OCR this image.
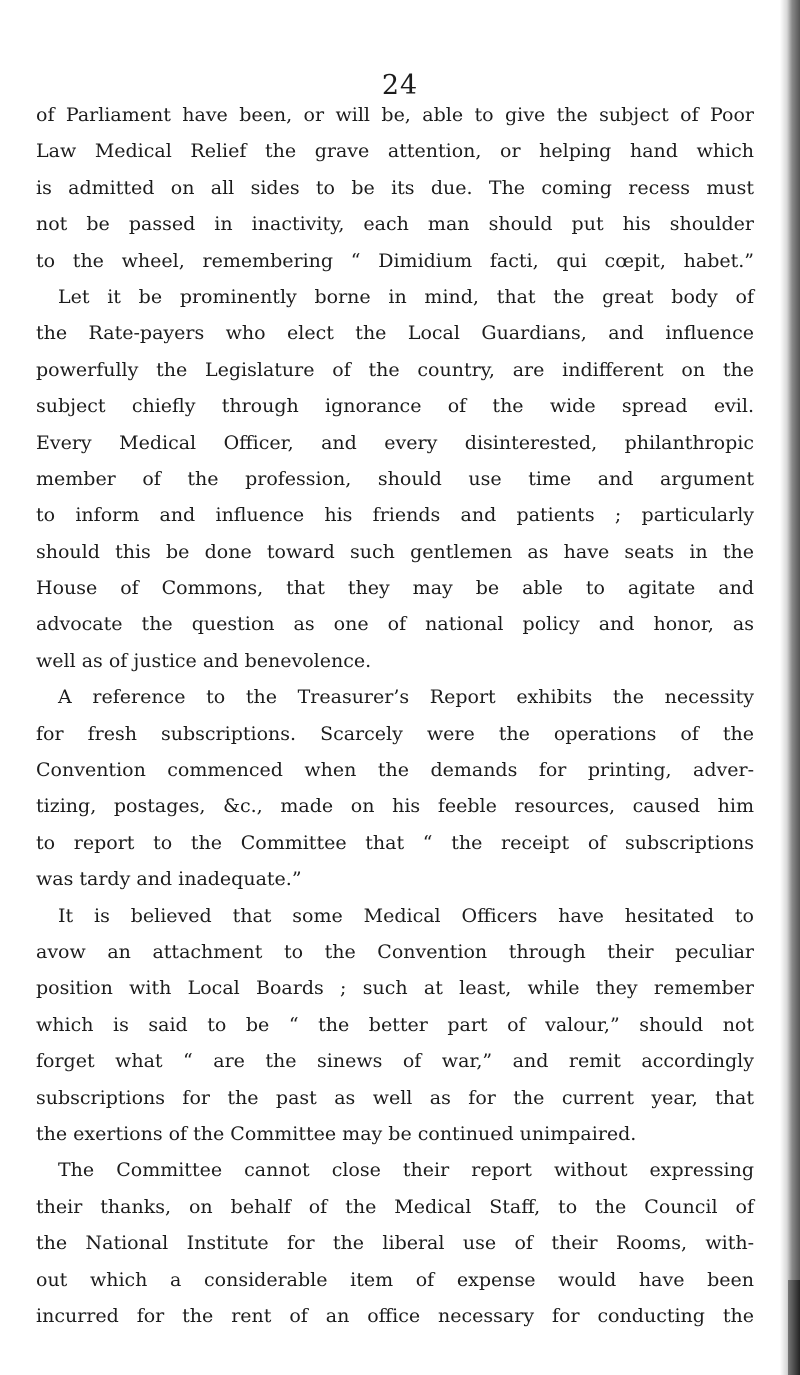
24
of Parliament have been, or will be, able to give the subject of Poor
Law Medical Relief the grave attention, or helping hand which
is admitted on all sides to be its due. The coming recess must
not be passed in inactivity, each man should put his shoulder
to the wheel, remembering “ Dimidium facti, qui cœpit, habet.”
Let it be prominently borne in mind, that the great body of
the Rate-payers who elect the Local Guardians, and influence
powerfully the Legislature of the country, are indifferent on the
subject chiefly through ignorance of the wide spread evil.
Every Medical Officer, and every disinterested, philanthropic
member of the profession, should use time and argument
to inform and influence his friends and patients ; particularly
should this be done toward such gentlemen as have seats in the
House of Commons, that they may be able to agitate and
advocate the question as one of national policy and honor, as
well as of justice and benevolence.
A reference to the Treasurer’s Report exhibits the necessity
for fresh subscriptions. Scarcely were the operations of the
Convention commenced when the demands for printing, adver-
tizing, postages, &c., made on his feeble resources, caused him
to report to the Committee that “ the receipt of subscriptions
was tardy and inadequate.”
It is believed that some Medical Officers have hesitated to
avow an attachment to the Convention through their peculiar
position with Local Boards ; such at least, while they remember
which is said to be “ the better part of valour,” should not
forget what “ are the sinews of war,” and remit accordingly
subscriptions for the past as well as for the current year, that
the exertions of the Committee may be continued unimpaired.
The Committee cannot close their report without expressing
their thanks, on behalf of the Medical Staff, to the Council of
the National Institute for the liberal use of their Rooms, with-
out which a considerable item of expense would have been
incurred for the rent of an office necessary for conducting the
